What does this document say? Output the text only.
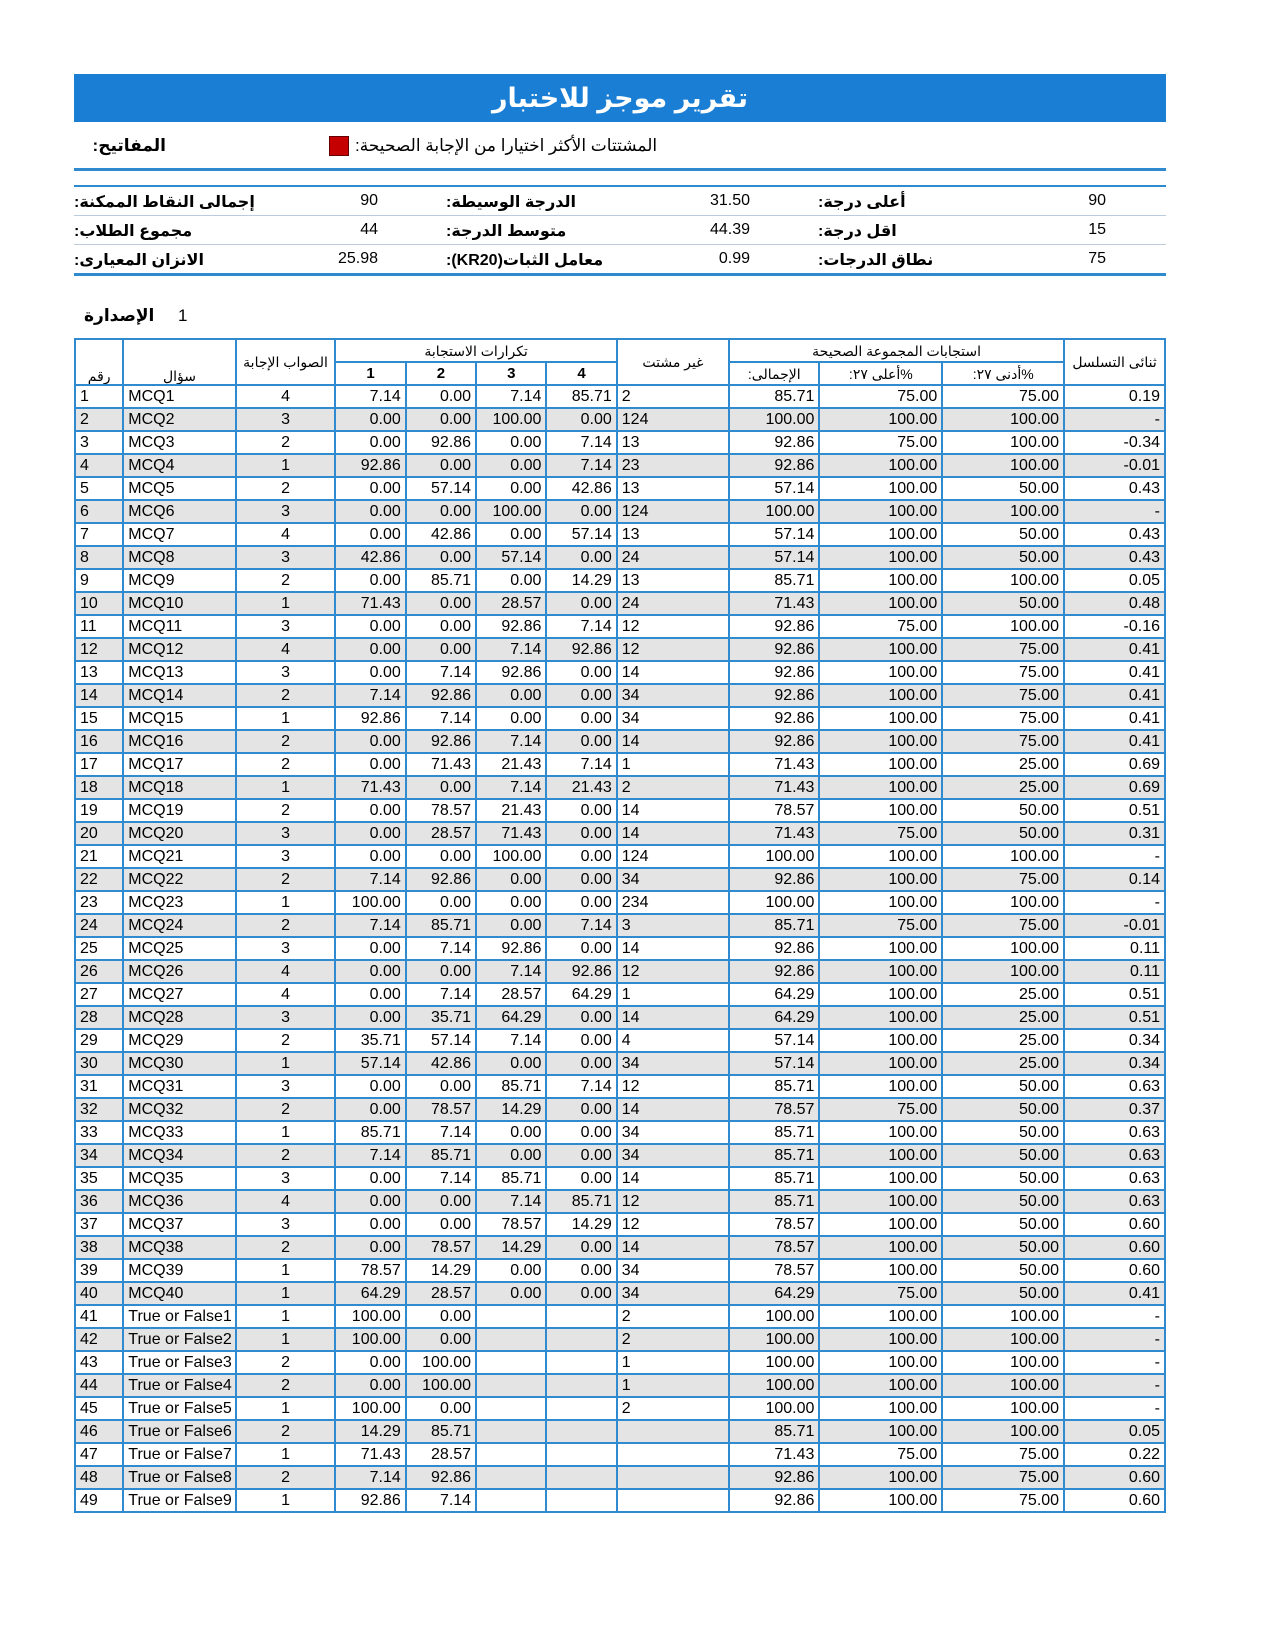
تقرير موجز للاختبار
المفاتيح:	المشتتات الأكثر اختيارا من الإجابة الصحيحة:
إجمالى النقاط الممكنة:	90	الدرجة الوسيطة:	31.50	أعلى درجة:	90
مجموع الطلاب:	44	متوسط الدرجة:	44.39	اقل درجة:	15
الانزان المعيارى:	25.98	معامل الثبات(KR20):	0.99	نطاق الدرجات:	75
الإصدارة 1
رقم	سؤال	الصواب الإجابة	تكرارات الاستجابة				غير مشتت	استجابات المجموعة الصحيحة			ثنائى التسلسل
			1	2	3	4		الإجمالى:	%أعلى ٢٧:	%أدنى ٢٧:	
1	MCQ1	4	7.14	0.00	7.14	85.71	2	85.71	75.00	75.00	0.19
2	MCQ2	3	0.00	0.00	100.00	0.00	124	100.00	100.00	100.00	-
3	MCQ3	2	0.00	92.86	0.00	7.14	13	92.86	75.00	100.00	-0.34
4	MCQ4	1	92.86	0.00	0.00	7.14	23	92.86	100.00	100.00	-0.01
5	MCQ5	2	0.00	57.14	0.00	42.86	13	57.14	100.00	50.00	0.43
6	MCQ6	3	0.00	0.00	100.00	0.00	124	100.00	100.00	100.00	-
7	MCQ7	4	0.00	42.86	0.00	57.14	13	57.14	100.00	50.00	0.43
8	MCQ8	3	42.86	0.00	57.14	0.00	24	57.14	100.00	50.00	0.43
9	MCQ9	2	0.00	85.71	0.00	14.29	13	85.71	100.00	100.00	0.05
10	MCQ10	1	71.43	0.00	28.57	0.00	24	71.43	100.00	50.00	0.48
11	MCQ11	3	0.00	0.00	92.86	7.14	12	92.86	75.00	100.00	-0.16
12	MCQ12	4	0.00	0.00	7.14	92.86	12	92.86	100.00	75.00	0.41
13	MCQ13	3	0.00	7.14	92.86	0.00	14	92.86	100.00	75.00	0.41
14	MCQ14	2	7.14	92.86	0.00	0.00	34	92.86	100.00	75.00	0.41
15	MCQ15	1	92.86	7.14	0.00	0.00	34	92.86	100.00	75.00	0.41
16	MCQ16	2	0.00	92.86	7.14	0.00	14	92.86	100.00	75.00	0.41
17	MCQ17	2	0.00	71.43	21.43	7.14	1	71.43	100.00	25.00	0.69
18	MCQ18	1	71.43	0.00	7.14	21.43	2	71.43	100.00	25.00	0.69
19	MCQ19	2	0.00	78.57	21.43	0.00	14	78.57	100.00	50.00	0.51
20	MCQ20	3	0.00	28.57	71.43	0.00	14	71.43	75.00	50.00	0.31
21	MCQ21	3	0.00	0.00	100.00	0.00	124	100.00	100.00	100.00	-
22	MCQ22	2	7.14	92.86	0.00	0.00	34	92.86	100.00	75.00	0.14
23	MCQ23	1	100.00	0.00	0.00	0.00	234	100.00	100.00	100.00	-
24	MCQ24	2	7.14	85.71	0.00	7.14	3	85.71	75.00	75.00	-0.01
25	MCQ25	3	0.00	7.14	92.86	0.00	14	92.86	100.00	100.00	0.11
26	MCQ26	4	0.00	0.00	7.14	92.86	12	92.86	100.00	100.00	0.11
27	MCQ27	4	0.00	7.14	28.57	64.29	1	64.29	100.00	25.00	0.51
28	MCQ28	3	0.00	35.71	64.29	0.00	14	64.29	100.00	25.00	0.51
29	MCQ29	2	35.71	57.14	7.14	0.00	4	57.14	100.00	25.00	0.34
30	MCQ30	1	57.14	42.86	0.00	0.00	34	57.14	100.00	25.00	0.34
31	MCQ31	3	0.00	0.00	85.71	7.14	12	85.71	100.00	50.00	0.63
32	MCQ32	2	0.00	78.57	14.29	0.00	14	78.57	75.00	50.00	0.37
33	MCQ33	1	85.71	7.14	0.00	0.00	34	85.71	100.00	50.00	0.63
34	MCQ34	2	7.14	85.71	0.00	0.00	34	85.71	100.00	50.00	0.63
35	MCQ35	3	0.00	7.14	85.71	0.00	14	85.71	100.00	50.00	0.63
36	MCQ36	4	0.00	0.00	7.14	85.71	12	85.71	100.00	50.00	0.63
37	MCQ37	3	0.00	0.00	78.57	14.29	12	78.57	100.00	50.00	0.60
38	MCQ38	2	0.00	78.57	14.29	0.00	14	78.57	100.00	50.00	0.60
39	MCQ39	1	78.57	14.29	0.00	0.00	34	78.57	100.00	50.00	0.60
40	MCQ40	1	64.29	28.57	0.00	0.00	34	64.29	75.00	50.00	0.41
41	True or False1	1	100.00	0.00			2	100.00	100.00	100.00	-
42	True or False2	1	100.00	0.00			2	100.00	100.00	100.00	-
43	True or False3	2	0.00	100.00			1	100.00	100.00	100.00	-
44	True or False4	2	0.00	100.00			1	100.00	100.00	100.00	-
45	True or False5	1	100.00	0.00			2	100.00	100.00	100.00	-
46	True or False6	2	14.29	85.71				85.71	100.00	100.00	0.05
47	True or False7	1	71.43	28.57				71.43	75.00	75.00	0.22
48	True or False8	2	7.14	92.86				92.86	100.00	75.00	0.60
49	True or False9	1	92.86	7.14				92.86	100.00	75.00	0.60
